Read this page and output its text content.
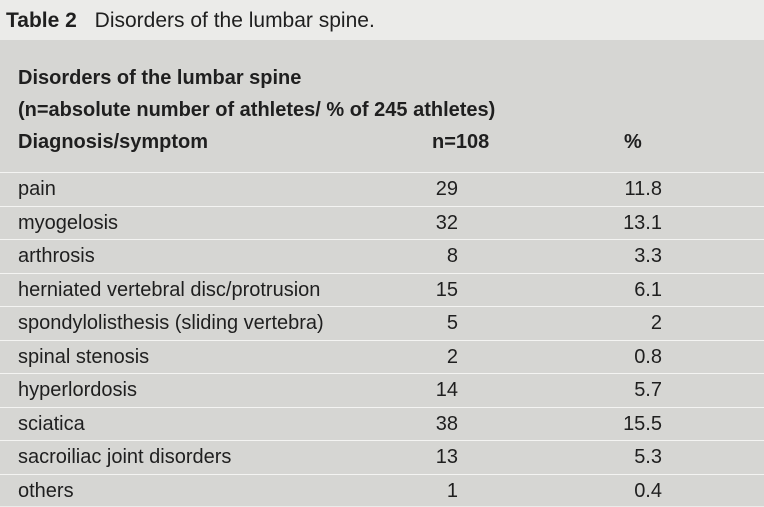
Table 2 Disorders of the lumbar spine.
Disorders of the lumbar spine
(n=absolute number of athletes/ % of 245 athletes)
Diagnosis/symptom	n=108	%
pain	29	11.8
myogelosis	32	13.1
arthrosis	8	3.3
herniated vertebral disc/protrusion	15	6.1
spondylolisthesis (sliding vertebra)	5	2
spinal stenosis	2	0.8
hyperlordosis	14	5.7
sciatica	38	15.5
sacroiliac joint disorders	13	5.3
others	1	0.4
